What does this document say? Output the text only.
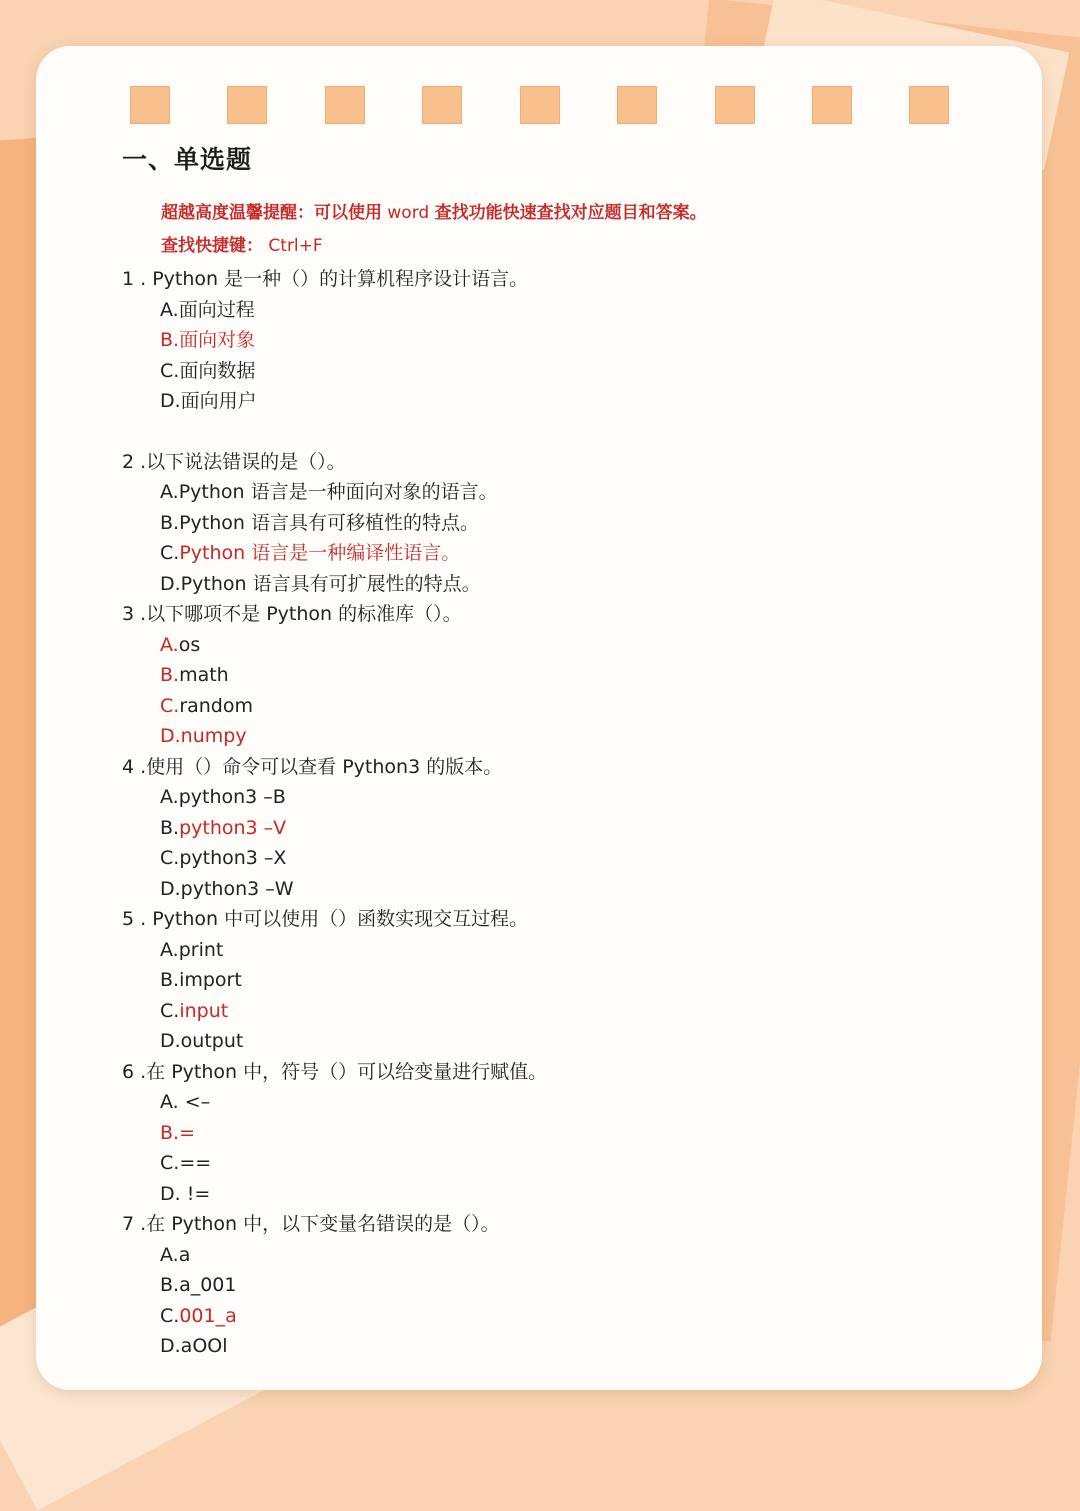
一、单选题
超越高度温馨提醒：可以使用 word 查找功能快速查找对应题目和答案。
查找快捷键： Ctrl+F
1 . Python 是一种（）的计算机程序设计语言。
A.面向过程
B.面向对象
C.面向数据
D.面向用户
2 .以下说法错误的是（）。
A.Python 语言是一种面向对象的语言。
B.Python 语言具有可移植性的特点。
C.Python 语言是一种编译性语言。
D.Python 语言具有可扩展性的特点。
3 .以下哪项不是 Python 的标准库（）。
A.os
B.math
C.random
D.numpy
4 .使用（）命令可以查看 Python3 的版本。
A.python3 –B
B.python3 –V
C.python3 –X
D.python3 –W
5 . Python 中可以使用（）函数实现交互过程。
A.print
B.import
C.input
D.output
6 .在 Python 中，符号（）可以给变量进行赋值。
A. <–
B.=
C.==
D. !=
7 .在 Python 中，以下变量名错误的是（）。
A.a
B.a_001
C.001_a
D.aOOl
